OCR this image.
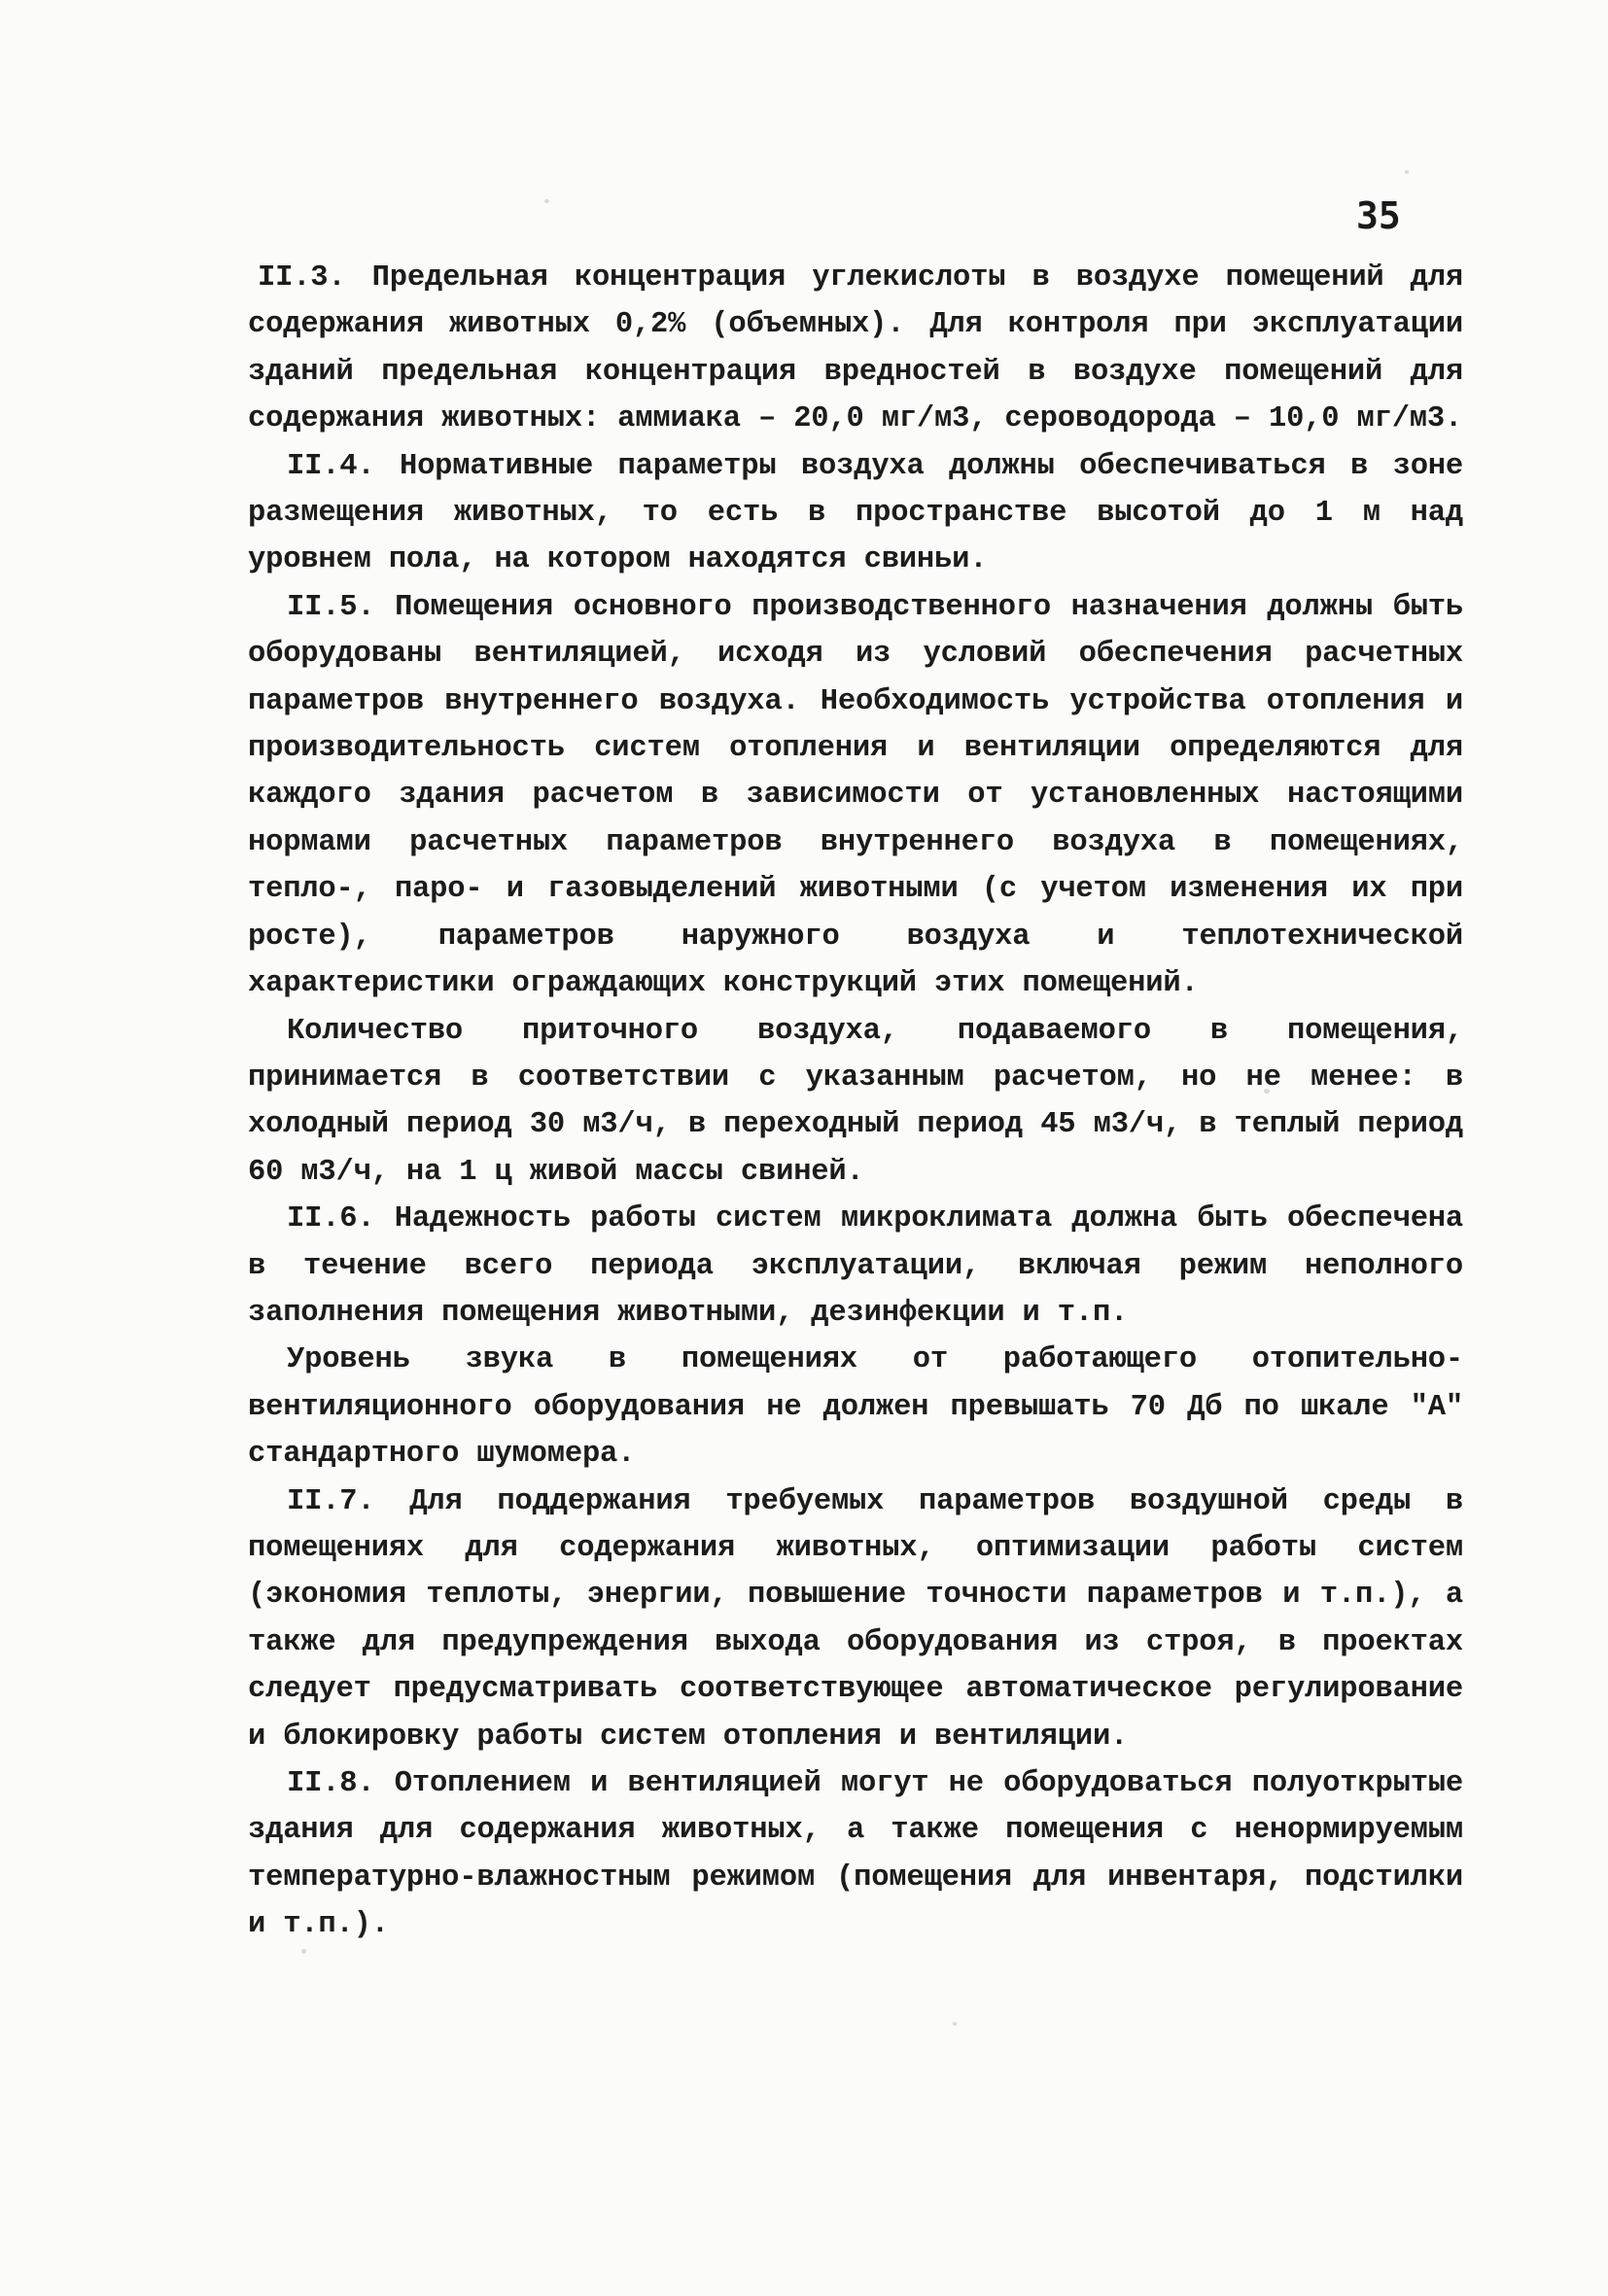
35

II.3. Предельная концентрация углекислоты в воздухе помещений для содержания животных 0,2% (объемных). Для контроля при эксплуатации зданий предельная концентрация вредностей в воздухе помещений для содержания животных: аммиака – 20,0 мг/м3, сероводорода – 10,0 мг/м3.

II.4. Нормативные параметры воздуха должны обеспечиваться в зоне размещения животных, то есть в пространстве высотой до 1 м над уровнем пола, на котором находятся свиньи.

II.5. Помещения основного производственного назначения должны быть оборудованы вентиляцией, исходя из условий обеспечения расчетных параметров внутреннего воздуха. Необходимость устройства отопления и производительность систем отопления и вентиляции определяются для каждого здания расчетом в зависимости от установленных настоящими нормами расчетных параметров внутреннего воздуха в помещениях, тепло-, паро- и газовыделений животными (с учетом изменения их при росте), параметров наружного воздуха и теплотехнической характеристики ограждающих конструкций этих помещений.

Количество приточного воздуха, подаваемого в помещения, принимается в соответствии с указанным расчетом, но не менее: в холодный период 30 м3/ч, в переходный период 45 м3/ч, в теплый период 60 м3/ч, на 1 ц живой массы свиней.

II.6. Надежность работы систем микроклимата должна быть обеспечена в течение всего периода эксплуатации, включая режим неполного заполнения помещения животными, дезинфекции и т.п.

Уровень звука в помещениях от работающего отопительно-вентиляционного оборудования не должен превышать 70 Дб по шкале "А" стандартного шумомера.

II.7. Для поддержания требуемых параметров воздушной среды в помещениях для содержания животных, оптимизации работы систем (экономия теплоты, энергии, повышение точности параметров и т.п.), а также для предупреждения выхода оборудования из строя, в проектах следует предусматривать соответствующее автоматическое регулирование и блокировку работы систем отопления и вентиляции.

II.8. Отоплением и вентиляцией могут не оборудоваться полуоткрытые здания для содержания животных, а также помещения с ненормируемым температурно-влажностным режимом (помещения для инвентаря, подстилки и т.п.).
